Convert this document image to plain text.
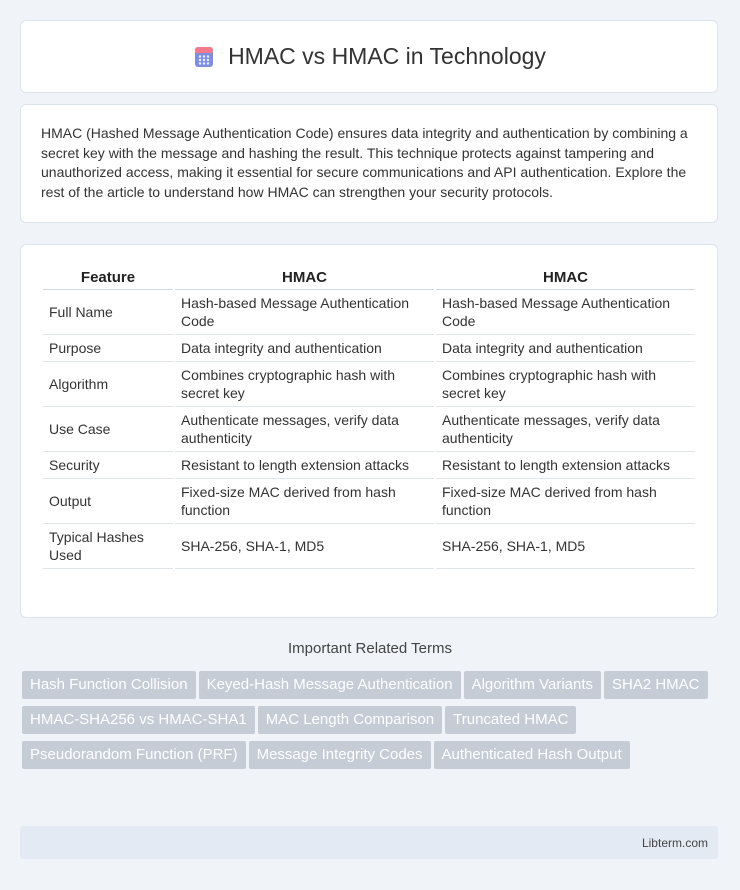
HMAC vs HMAC in Technology
HMAC (Hashed Message Authentication Code) ensures data integrity and authentication by combining a secret key with the message and hashing the result. This technique protects against tampering and unauthorized access, making it essential for secure communications and API authentication. Explore the rest of the article to understand how HMAC can strengthen your security protocols.
Feature	HMAC	HMAC
Full Name	Hash-based Message Authentication Code	Hash-based Message Authentication Code
Purpose	Data integrity and authentication	Data integrity and authentication
Algorithm	Combines cryptographic hash with secret key	Combines cryptographic hash with secret key
Use Case	Authenticate messages, verify data authenticity	Authenticate messages, verify data authenticity
Security	Resistant to length extension attacks	Resistant to length extension attacks
Output	Fixed-size MAC derived from hash function	Fixed-size MAC derived from hash function
Typical Hashes Used	SHA-256, SHA-1, MD5	SHA-256, SHA-1, MD5
Important Related Terms
Hash Function Collision Keyed-Hash Message Authentication Algorithm Variants SHA2 HMACHMAC-SHA256 vs HMAC-SHA1 MAC Length Comparison Truncated HMACPseudorandom Function (PRF) Message Integrity Codes Authenticated Hash Output
Libterm.com
